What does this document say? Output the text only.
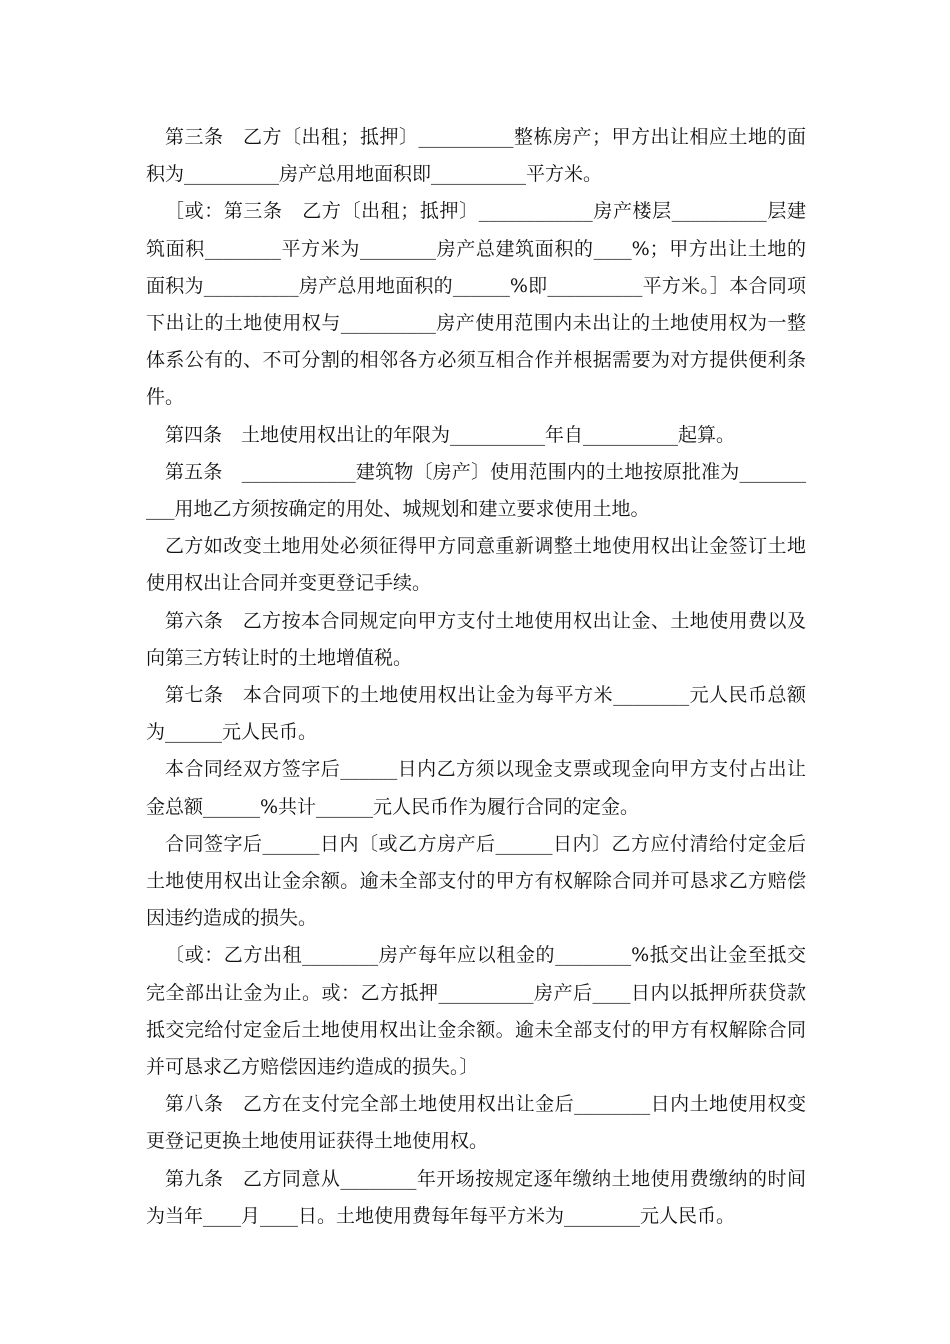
第三条　乙方〔出租；抵押〕__________整栋房产；甲方出让相应土地的面积为__________房产总用地面积即__________平方米。

［或：第三条　乙方〔出租；抵押〕____________房产楼层__________层建筑面积________平方米为________房产总建筑面积的____%；甲方出让土地的面积为__________房产总用地面积的______%即__________平方米。］本合同项下出让的土地使用权与__________房产使用范围内未出让的土地使用权为一整体系公有的、不可分割的相邻各方必须互相合作并根据需要为对方提供便利条件。

第四条　土地使用权出让的年限为__________年自__________起算。

第五条　____________建筑物〔房产〕使用范围内的土地按原批准为__________用地乙方须按确定的用处、城规划和建立要求使用土地。

乙方如改变土地用处必须征得甲方同意重新调整土地使用权出让金签订土地使用权出让合同并变更登记手续。

第六条　乙方按本合同规定向甲方支付土地使用权出让金、土地使用费以及向第三方转让时的土地增值税。

第七条　本合同项下的土地使用权出让金为每平方米________元人民币总额为______元人民币。

本合同经双方签字后______日内乙方须以现金支票或现金向甲方支付占出让金总额______%共计______元人民币作为履行合同的定金。

合同签字后______日内〔或乙方房产后______日内〕乙方应付清给付定金后土地使用权出让金余额。逾未全部支付的甲方有权解除合同并可恳求乙方赔偿因违约造成的损失。

〔或：乙方出租________房产每年应以租金的________%抵交出让金至抵交完全部出让金为止。或：乙方抵押__________房产后____日内以抵押所获贷款抵交完给付定金后土地使用权出让金余额。逾未全部支付的甲方有权解除合同并可恳求乙方赔偿因违约造成的损失。〕

第八条　乙方在支付完全部土地使用权出让金后________日内土地使用权变更登记更换土地使用证获得土地使用权。

第九条　乙方同意从________年开场按规定逐年缴纳土地使用费缴纳的时间为当年____月____日。土地使用费每年每平方米为________元人民币。
